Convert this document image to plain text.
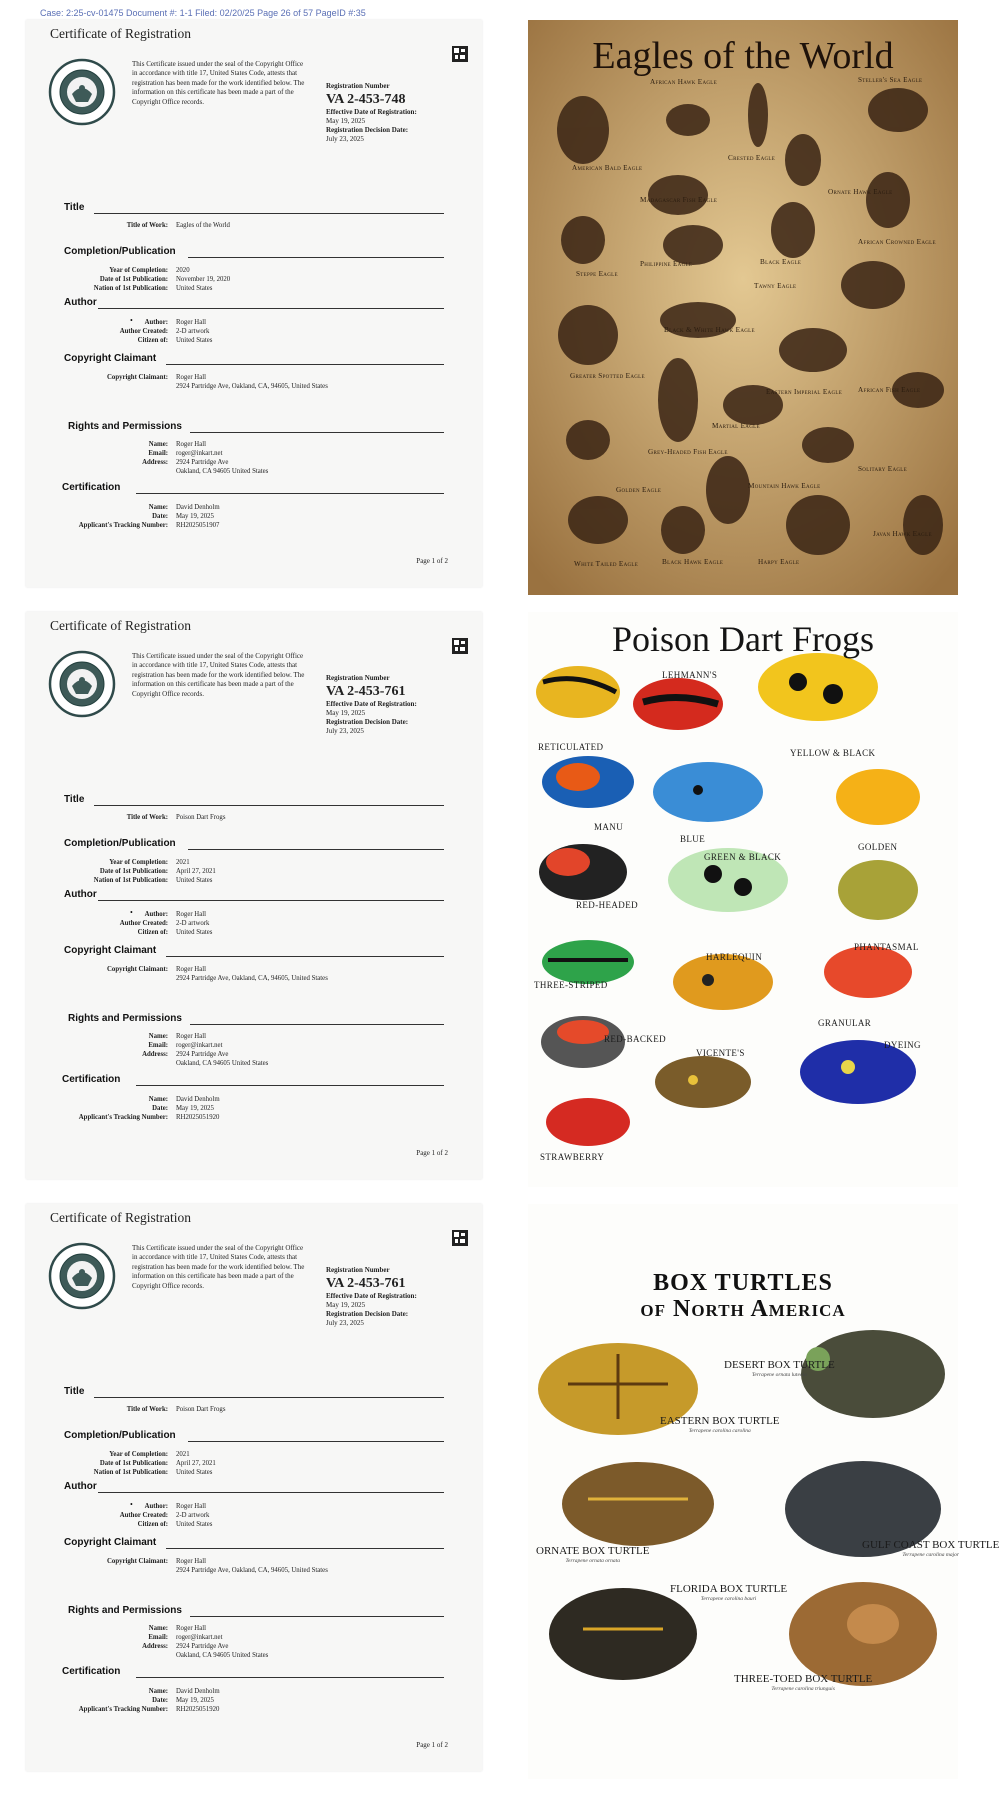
Case: 2:25-cv-01475 Document #: 1-1 Filed: 02/20/25 Page 26 of 57 PageID #:35
Certificate of Registration
This Certificate issued under the seal of the Copyright Office in accordance with title 17, United States Code, attests that registration has been made for the work identified below. The information on this certificate has been made a part of the Copyright Office records.
Registration Number
VA 2-453-748
Effective Date of Registration:
May 19, 2025
Registration Decision Date:
July 23, 2025
Title
Title of Work: Eagles of the World
Completion/Publication
Year of Completion: 2020
Date of 1st Publication: November 19, 2020
Nation of 1st Publication: United States
Author
•	Author: Roger Hall
Author Created: 2-D artwork
Citizen of: United States
Copyright Claimant
Copyright Claimant: Roger Hall
2924 Partridge Ave, Oakland, CA, 94605, United States
Rights and Permissions
Name: Roger Hall
Email: roger@inkart.net
Address: 2924 Partridge Ave
Oakland, CA 94605 United States
Certification
Name: David Denholm
Date: May 19, 2025
Applicant's Tracking Number: RH2025051907
Page 1 of 2
Eagles of the World
African Hawk Eagle	Steller's Sea Eagle
American Bald Eagle
Crested Eagle
Madagascar Fish Eagle
Ornate Hawk Eagle
Steppe Eagle
Philippine Eagle	Black Eagle
African Crowned Eagle
Tawny Eagle
Black & White Hawk Eagle
Greater Spotted Eagle
Eastern Imperial Eagle African Fish Eagle
Martial Eagle
Grey-Headed Fish Eagle
Golden Eagle
Solitary Eagle
Mountain Hawk Eagle
Javan Hawk Eagle
White Tailed Eagle	Black Hawk Eagle	Harpy Eagle
Certificate of Registration
This Certificate issued under the seal of the Copyright Office in accordance with title 17, United States Code, attests that registration has been made for the work identified below. The information on this certificate has been made a part of the Copyright Office records.
Registration Number
VA 2-453-761
Effective Date of Registration:
May 19, 2025
Registration Decision Date:
July 23, 2025
Title
Title of Work: Poison Dart Frogs
Completion/Publication
Year of Completion: 2021
Date of 1st Publication: April 27, 2021
Nation of 1st Publication: United States
Author
•	Author: Roger Hall
Author Created: 2-D artwork
Citizen of: United States
Copyright Claimant
Copyright Claimant: Roger Hall
2924 Partridge Ave, Oakland, CA, 94605, United States
Rights and Permissions
Name: Roger Hall
Email: roger@inkart.net
Address: 2924 Partridge Ave
Oakland, CA 94605 United States
Certification
Name: David Denholm
Date: May 19, 2025
Applicant's Tracking Number: RH2025051920
Page 1 of 2
Poison Dart Frogs
LEHMANN'S
RETICULATED
YELLOW & BLACK
MANU
BLUE
GOLDEN
GREEN & BLACK
RED-HEADED
PHANTASMAL
HARLEQUIN
THREE-STRIPED
GRANULAR
RED-BACKED
DYEING
VICENTE'S
STRAWBERRY
Certificate of Registration
This Certificate issued under the seal of the Copyright Office in accordance with title 17, United States Code, attests that registration has been made for the work identified below. The information on this certificate has been made a part of the Copyright Office records.
Registration Number
VA 2-453-761
Effective Date of Registration:
May 19, 2025
Registration Decision Date:
July 23, 2025
Title
Title of Work: Poison Dart Frogs
Completion/Publication
Year of Completion: 2021
Date of 1st Publication: April 27, 2021
Nation of 1st Publication: United States
Author
•	Author: Roger Hall
Author Created: 2-D artwork
Citizen of: United States
Copyright Claimant
Copyright Claimant: Roger Hall
2924 Partridge Ave, Oakland, CA, 94605, United States
Rights and Permissions
Name: Roger Hall
Email: roger@inkart.net
Address: 2924 Partridge Ave
Oakland, CA 94605 United States
Certification
Name: David Denholm
Date: May 19, 2025
Applicant's Tracking Number: RH2025051920
Page 1 of 2
BOX TURTLES
of North America
DESERT BOX TURTLE
Terrapene ornata luteola
EASTERN BOX TURTLE
Terrapene carolina carolina
ORNATE BOX TURTLE
Terrapene ornata ornata
GULF COAST BOX TURTLE
Terrapene carolina major
FLORIDA BOX TURTLE
Terrapene carolina bauri
THREE-TOED BOX TURTLE
Terrapene carolina triunguis
